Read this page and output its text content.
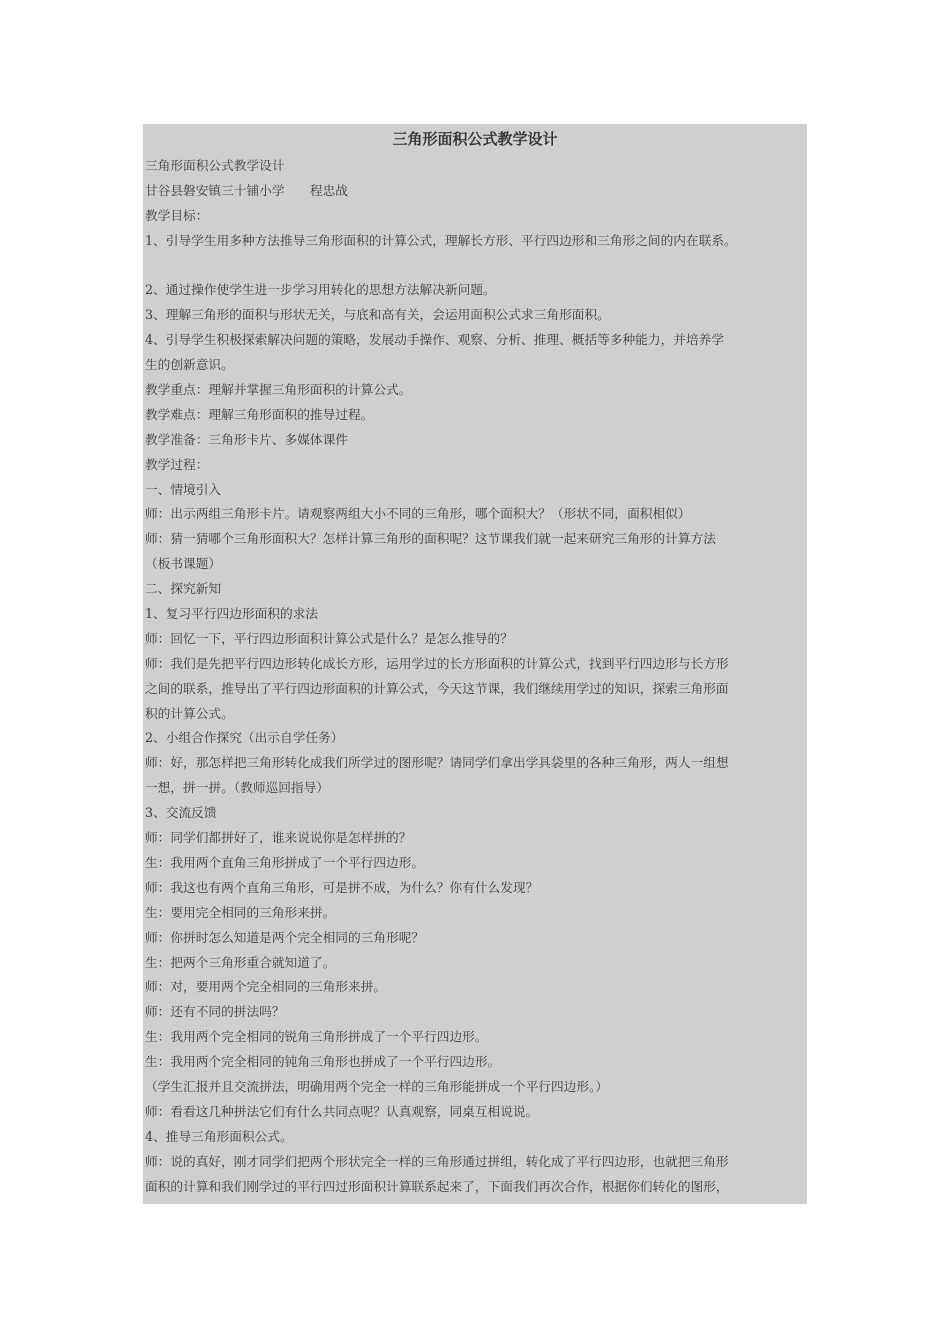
三角形面积公式教学设计
三角形面积公式教学设计
甘谷县磐安镇三十铺小学　　程忠战
教学目标：
1、引导学生用多种方法推导三角形面积的计算公式，理解长方形、平行四边形和三角形之间的内在联系。
2、通过操作使学生进一步学习用转化的思想方法解决新问题。
3、理解三角形的面积与形状无关，与底和高有关，会运用面积公式求三角形面积。
4、引导学生积极探索解决问题的策略，发展动手操作、观察、分析、推理、概括等多种能力，并培养学
生的创新意识。
教学重点：理解并掌握三角形面积的计算公式。
教学难点：理解三角形面积的推导过程。
教学准备：三角形卡片、多媒体课件
教学过程：
一、情境引入
师：出示两组三角形卡片。请观察两组大小不同的三角形，哪个面积大？（形状不同，面积相似）
师：猜一猜哪个三角形面积大？怎样计算三角形的面积呢？这节课我们就一起来研究三角形的计算方法
（板书课题）
二、探究新知
1、复习平行四边形面积的求法
师：回忆一下，平行四边形面积计算公式是什么？是怎么推导的？
师：我们是先把平行四边形转化成长方形，运用学过的长方形面积的计算公式，找到平行四边形与长方形
之间的联系，推导出了平行四边形面积的计算公式，今天这节课，我们继续用学过的知识，探索三角形面
积的计算公式。
2、小组合作探究（出示自学任务）
师：好，那怎样把三角形转化成我们所学过的图形呢？请同学们拿出学具袋里的各种三角形，两人一组想
一想，拼一拼。（教师巡回指导）
3、交流反馈
师：同学们都拼好了，谁来说说你是怎样拼的？
生：我用两个直角三角形拼成了一个平行四边形。
师：我这也有两个直角三角形，可是拼不成，为什么？你有什么发现？
生：要用完全相同的三角形来拼。
师：你拼时怎么知道是两个完全相同的三角形呢？
生：把两个三角形重合就知道了。
师：对，要用两个完全相同的三角形来拼。
师：还有不同的拼法吗？
生：我用两个完全相同的锐角三角形拼成了一个平行四边形。
生：我用两个完全相同的钝角三角形也拼成了一个平行四边形。
（学生汇报并且交流拼法，明确用两个完全一样的三角形能拼成一个平行四边形。）
师：看看这几种拼法它们有什么共同点呢？认真观察，同桌互相说说。
4、推导三角形面积公式。
师：说的真好，刚才同学们把两个形状完全一样的三角形通过拼组，转化成了平行四边形，也就把三角形
面积的计算和我们刚学过的平行四过形面积计算联系起来了，下面我们再次合作，根据你们转化的图形，
